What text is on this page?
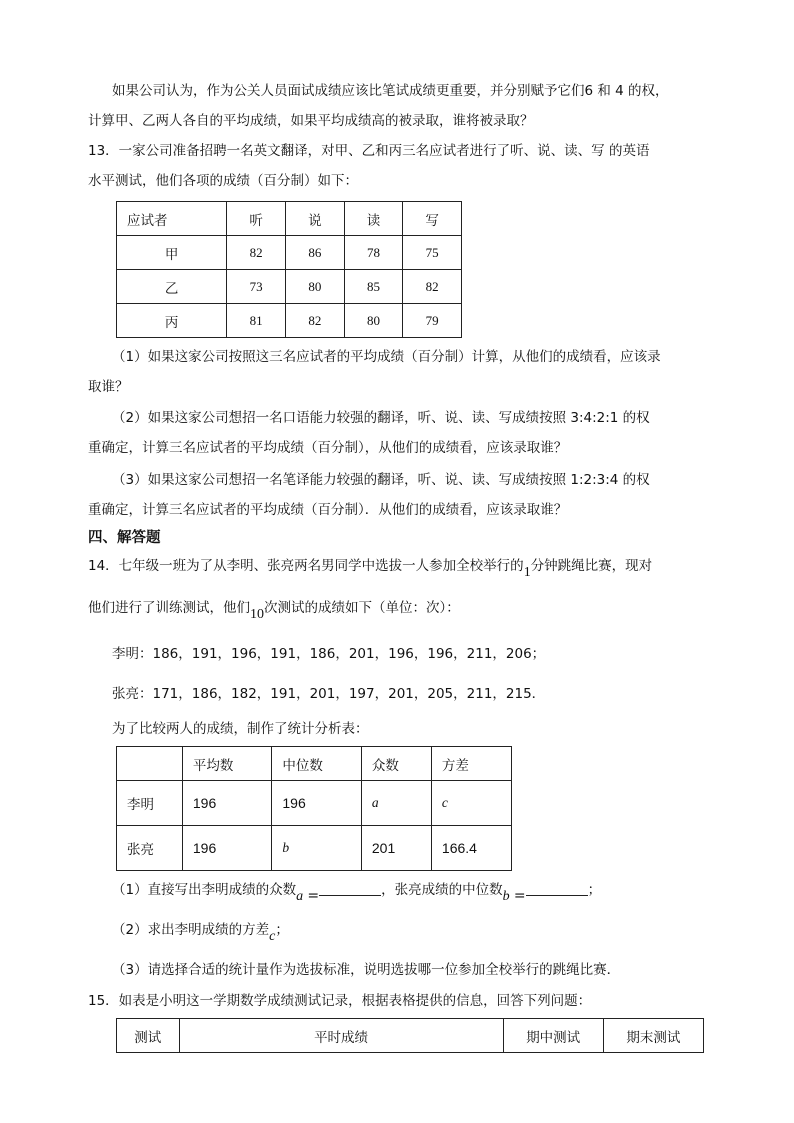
如果公司认为，作为公关人员面试成绩应该比笔试成绩更重要，并分别赋予它们6 和 4 的权，
计算甲、乙两人各自的平均成绩，如果平均成绩高的被录取，谁将被录取？
13．一家公司准备招聘一名英文翻译，对甲、乙和丙三名应试者进行了听、说、读、写 的英语
水平测试，他们各项的成绩（百分制）如下：
应试者	听	说	读	写
甲	82	86	78	75
乙	73	80	85	82
丙	81	82	80	79
（1）如果这家公司按照这三名应试者的平均成绩（百分制）计算，从他们的成绩看，应该录
取谁？
（2）如果这家公司想招一名口语能力较强的翻译，听、说、读、写成绩按照 3:4:2:1 的权
重确定，计算三名应试者的平均成绩（百分制），从他们的成绩看，应该录取谁？
（3）如果这家公司想招一名笔译能力较强的翻译，听、说、读、写成绩按照 1:2:3:4 的权
重确定，计算三名应试者的平均成绩（百分制）．从他们的成绩看，应该录取谁？
四、解答题
14．七年级一班为了从李明、张亮两名男同学中选拔一人参加全校举行的1分钟跳绳比赛，现对
他们进行了训练测试，他们10次测试的成绩如下（单位：次）：
李明：186，191，196，191，186，201，196，196，211，206；
张亮：171，186，182，191，201，197，201，205，211，215．
为了比较两人的成绩，制作了统计分析表：
	平均数	中位数	众数	方差
李明	196	196	a	c
张亮	196	b	201	166.4
（1）直接写出李明成绩的众数a =	，张亮成绩的中位数b =	；
（2）求出李明成绩的方差c；
（3）请选择合适的统计量作为选拔标准，说明选拔哪一位参加全校举行的跳绳比赛．
15．如表是小明这一学期数学成绩测试记录，根据表格提供的信息，回答下列问题：
测试	平时成绩	期中测试	期末测试
